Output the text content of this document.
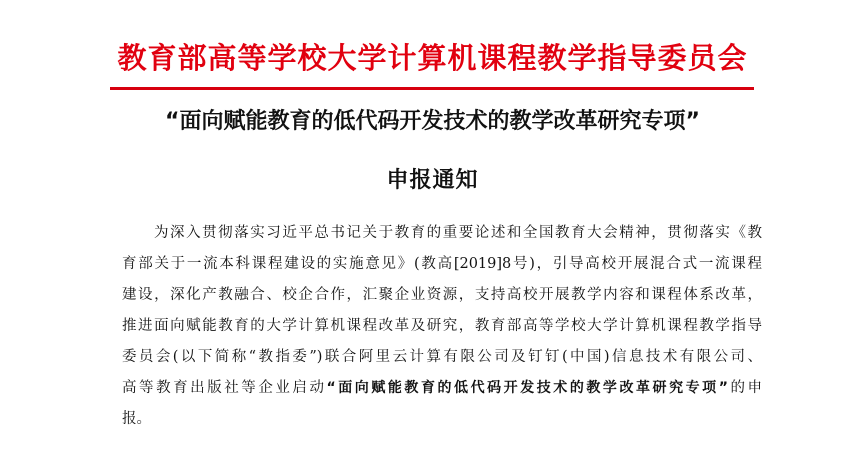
教育部高等学校大学计算机课程教学指导委员会
“面向赋能教育的低代码开发技术的教学改革研究专项”
申报通知
为深入贯彻落实习近平总书记关于教育的重要论述和全国教育大会精神，贯彻落实《教
育部关于一流本科课程建设的实施意见》(教高[2019]8号)，引导高校开展混合式一流课程
建设，深化产教融合、校企合作，汇聚企业资源，支持高校开展教学内容和课程体系改革，
推进面向赋能教育的大学计算机课程改革及研究，教育部高等学校大学计算机课程教学指导
委员会(以下简称“教指委”)联合阿里云计算有限公司及钉钉(中国)信息技术有限公司、
高等教育出版社等企业启动“面向赋能教育的低代码开发技术的教学改革研究专项”的申
报。
